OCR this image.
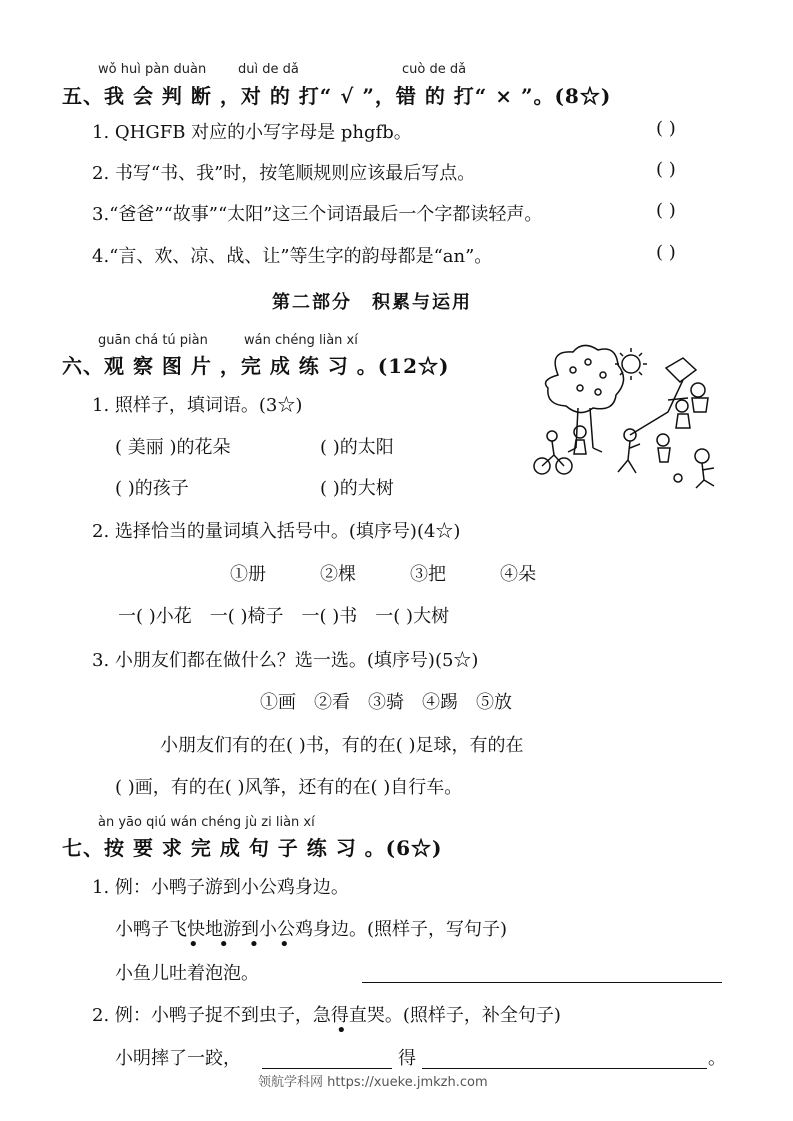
wǒ huì pàn duàn duì de dǎ	cuò de dǎ
五、我 会 判 断 ，对 的 打“ √ ”，错 的 打“ × ”。(8☆)
1. QHGFB 对应的小写字母是 phgfb。	( )
2. 书写“书、我”时，按笔顺规则应该最后写点。	( )
3.“爸爸”“故事”“太阳”这三个词语最后一个字都读轻声。	( )
4.“言、欢、凉、战、让”等生字的韵母都是“an”。	( )
第二部分　积累与运用
guān chá tú piàn	wán chéng liàn xí
六、观 察 图 片 ，完 成 练 习 。(12☆)
1. 照样子，填词语。(3☆)
( 美丽 )的花朵	( )的太阳
( )的孩子	( )的大树
2. 选择恰当的量词填入括号中。(填序号)(4☆)
①册　　　②棵　　　③把　　　④朵
一( )小花　一( )椅子　一( )书　一( )大树
3. 小朋友们都在做什么？选一选。(填序号)(5☆)
①画　②看　③骑　④踢　⑤放
小朋友们有的在( )书，有的在( )足球，有的在
( )画，有的在( )风筝，还有的在( )自行车。
àn yāo qiú wán chéng jù zi liàn xí
七、按 要 求 完 成 句 子 练 习 。(6☆)
1. 例：小鸭子游到小公鸡身边。
小鸭子飞快地游到小公鸡身边。(照样子，写句子)
• • • •
小鱼儿吐着泡泡。
2. 例：小鸭子捉不到虫子，急得直哭。(照样子，补全句子)
•
小明摔了一跤，	得	。
领航学科网 https://xueke.jmkzh.com
